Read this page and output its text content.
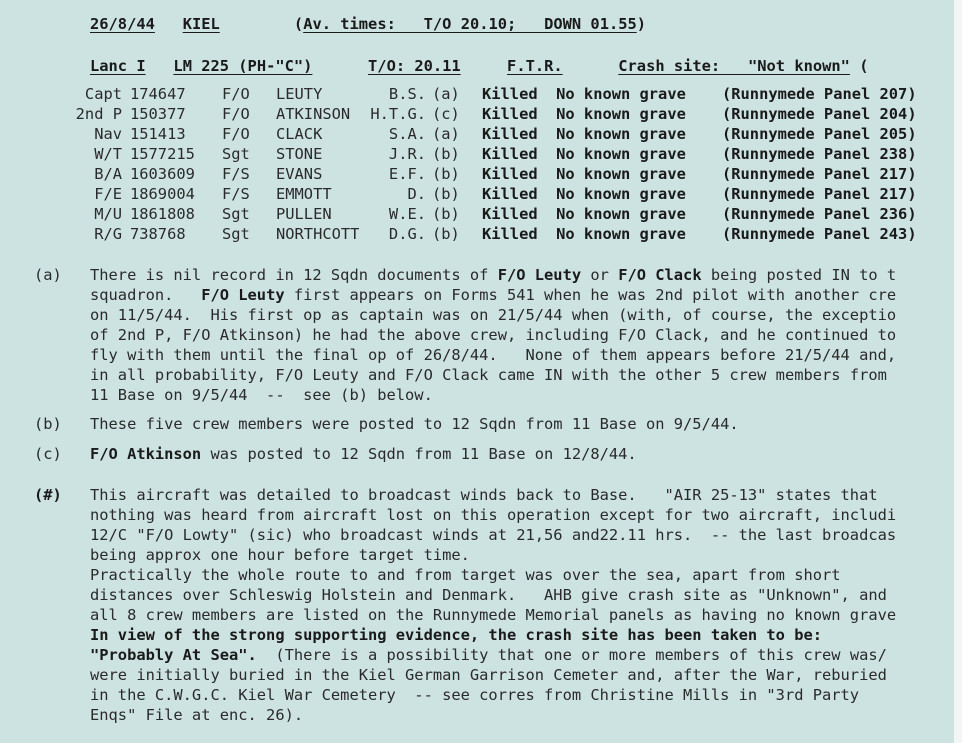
26/8/44 KIEL	(Av. times:   T/O 20.10;   DOWN 01.55)
Lanc I LM 225 (PH-"C")	T/O: 20.11	F.T.R.	Crash site:   "Not known" (
Capt	174647	F/O	LEUTY	B.S.	(a)	Killed  No known grave	(Runnymede Panel 207)
2nd P	150377	F/O	ATKINSON	H.T.G.	(c)	Killed  No known grave	(Runnymede Panel 204)
Nav	151413	F/O	CLACK	S.A.	(a)	Killed  No known grave	(Runnymede Panel 205)
W/T	1577215	Sgt	STONE	J.R.	(b)	Killed  No known grave	(Runnymede Panel 238)
B/A	1603609	F/S	EVANS	E.F.	(b)	Killed  No known grave	(Runnymede Panel 217)
F/E	1869004	F/S	EMMOTT	D.	(b)	Killed  No known grave	(Runnymede Panel 217)
M/U	1861808	Sgt	PULLEN	W.E.	(b)	Killed  No known grave	(Runnymede Panel 236)
R/G	738768	Sgt	NORTHCOTT	D.G.	(b)	Killed  No known grave	(Runnymede Panel 243)
(a) There is nil record in 12 Sqdn documents of F/O Leuty or F/O Clack being posted IN to t
squadron.   F/O Leuty first appears on Forms 541 when he was 2nd pilot with another cre
on 11/5/44.  His first op as captain was on 21/5/44 when (with, of course, the exceptio
of 2nd P, F/O Atkinson) he had the above crew, including F/O Clack, and he continued to
fly with them until the final op of 26/8/44.   None of them appears before 21/5/44 and,
in all probability, F/O Leuty and F/O Clack came IN with the other 5 crew members from
11 Base on 9/5/44  --  see (b) below.
(b) These five crew members were posted to 12 Sqdn from 11 Base on 9/5/44.
(c) F/O Atkinson was posted to 12 Sqdn from 11 Base on 12/8/44.
(#) This aircraft was detailed to broadcast winds back to Base.   "AIR 25-13" states that
nothing was heard from aircraft lost on this operation except for two aircraft, includi
12/C "F/O Lowty" (sic) who broadcast winds at 21,56 and22.11 hrs.  -- the last broadcas
being approx one hour before target time.
Practically the whole route to and from target was over the sea, apart from short
distances over Schleswig Holstein and Denmark.   AHB give crash site as "Unknown", and
all 8 crew members are listed on the Runnymede Memorial panels as having no known grave
In view of the strong supporting evidence, the crash site has been taken to be:
"Probably At Sea".  (There is a possibility that one or more members of this crew was/
were initially buried in the Kiel German Garrison Cemeter and, after the War, reburied
in the C.W.G.C. Kiel War Cemetery  -- see corres from Christine Mills in "3rd Party
Enqs" File at enc. 26).
